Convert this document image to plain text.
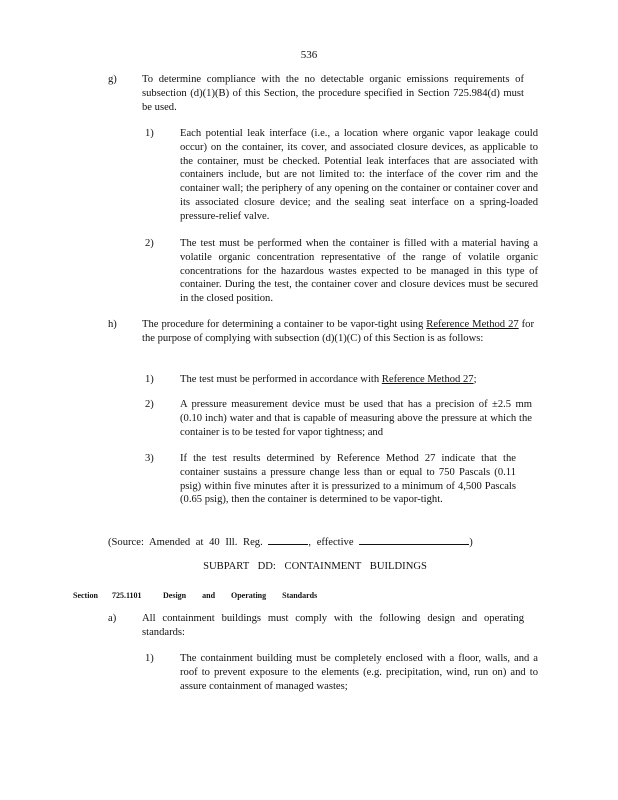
536
g) To determine compliance with the no detectable organic emissions requirements of subsection (d)(1)(B) of this Section, the procedure specified in Section 725.984(d) must be used.
1) Each potential leak interface (i.e., a location where organic vapor leakage could occur) on the container, its cover, and associated closure devices, as applicable to the container, must be checked. Potential leak interfaces that are associated with containers include, but are not limited to: the interface of the cover rim and the container wall; the periphery of any opening on the container or container cover and its associated closure device; and the sealing seat interface on a spring-loaded pressure-relief valve.
2) The test must be performed when the container is filled with a material having a volatile organic concentration representative of the range of volatile organic concentrations for the hazardous wastes expected to be managed in this type of container. During the test, the container cover and closure devices must be secured in the closed position.
h) The procedure for determining a container to be vapor-tight using Reference Method 27 for the purpose of complying with subsection (d)(1)(C) of this Section is as follows:
1) The test must be performed in accordance with Reference Method 27;
2) A pressure measurement device must be used that has a precision of ±2.5 mm (0.10 inch) water and that is capable of measuring above the pressure at which the container is to be tested for vapor tightness; and
3) If the test results determined by Reference Method 27 indicate that the container sustains a pressure change less than or equal to 750 Pascals (0.11 psig) within five minutes after it is pressurized to a minimum of 4,500 Pascals (0.65 psig), then the container is determined to be vapor-tight.
(Source: Amended at 40 Ill. Reg.	, effective	)
SUBPART DD: CONTAINMENT BUILDINGS
Section 725.1101	Design and Operating Standards
a) All containment buildings must comply with the following design and operating standards:
1) The containment building must be completely enclosed with a floor, walls, and a roof to prevent exposure to the elements (e.g. precipitation, wind, run on) and to assure containment of managed wastes;
